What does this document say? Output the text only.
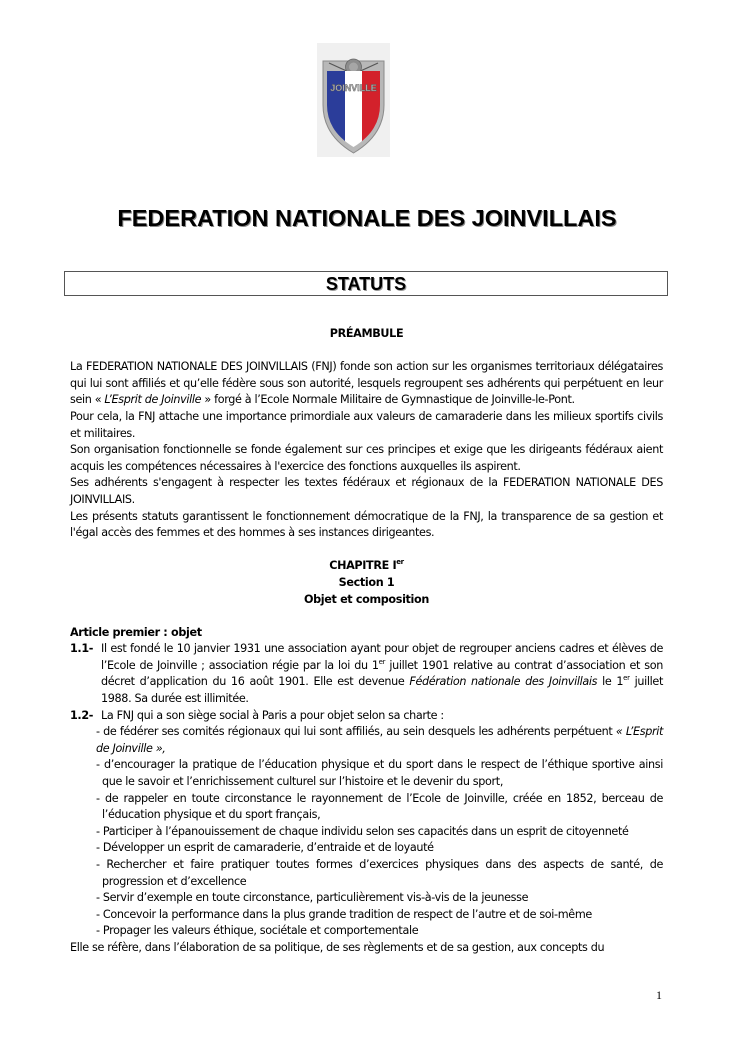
JOINVILLE
FEDERATION NATIONALE DES JOINVILLAIS
STATUTS

PRÉAMBULE

La FEDERATION NATIONALE DES JOINVILLAIS (FNJ) fonde son action sur les organismes territoriaux délégataires qui lui sont affiliés et qu’elle fédère sous son autorité, lesquels regroupent ses adhérents qui perpétuent en leur sein « L’Esprit de Joinville » forgé à l’Ecole Normale Militaire de Gymnastique de Joinville-le-Pont.

Pour cela, la FNJ attache une importance primordiale aux valeurs de camaraderie dans les milieux sportifs civils et militaires.

Son organisation fonctionnelle se fonde également sur ces principes et exige que les dirigeants fédéraux aient acquis les compétences nécessaires à l'exercice des fonctions auxquelles ils aspirent.

Ses adhérents s'engagent à respecter les textes fédéraux et régionaux de la FEDERATION NATIONALE DES JOINVILLAIS.

Les présents statuts garantissent le fonctionnement démocratique de la FNJ, la transparence de sa gestion et l'égal accès des femmes et des hommes à ses instances dirigeantes.

CHAPITRE Ier

Section 1

Objet et composition

Article premier : objet

1.1- Il est fondé le 10 janvier 1931 une association ayant pour objet de regrouper anciens cadres et élèves de l’Ecole de Joinville ; association régie par la loi du 1er juillet 1901 relative au contrat d’association et son décret d’application du 16 août 1901. Elle est devenue Fédération nationale des Joinvillais le 1er juillet 1988. Sa durée est illimitée.
1.2- La FNJ qui a son siège social à Paris a pour objet selon sa charte :
- de fédérer ses comités régionaux qui lui sont affiliés, au sein desquels les adhérents perpétuent « L’Esprit de Joinville »,
- d’encourager la pratique de l’éducation physique et du sport dans le respect de l’éthique sportive ainsi que le savoir et l’enrichissement culturel sur l’histoire et le devenir du sport,
- de rappeler en toute circonstance le rayonnement de l’Ecole de Joinville, créée en 1852, berceau de l’éducation physique et du sport français,
- Participer à l’épanouissement de chaque individu selon ses capacités dans un esprit de citoyenneté
- Développer un esprit de camaraderie, d’entraide et de loyauté
- Rechercher et faire pratiquer toutes formes d’exercices physiques dans des aspects de santé, de progression et d’excellence
- Servir d’exemple en toute circonstance, particulièrement vis-à-vis de la jeunesse
- Concevoir la performance dans la plus grande tradition de respect de l’autre et de soi-même
- Propager les valeurs éthique, sociétale et comportementale

Elle se réfère, dans l’élaboration de sa politique, de ses règlements et de sa gestion, aux concepts du

1
